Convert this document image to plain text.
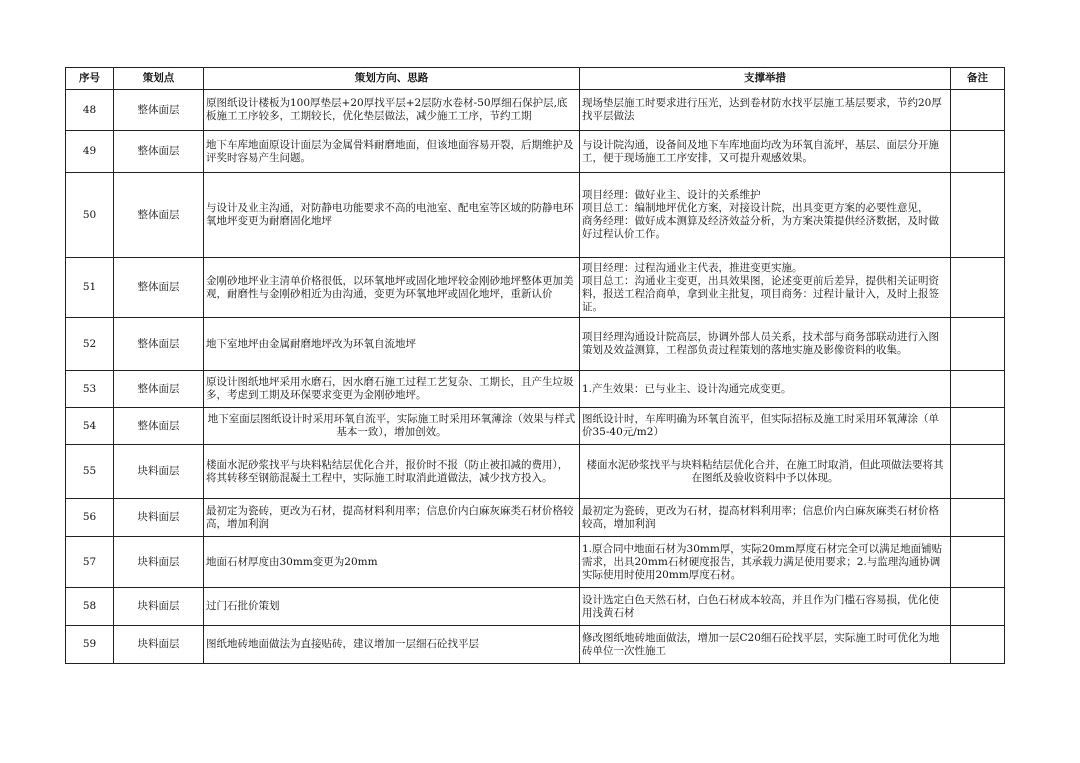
序号	策划点	策划方向、思路	支撑举措	备注
48	整体面层	原图纸设计楼板为100厚垫层+20厚找平层+2层防水卷材-50厚细石保护层,底板施工工序较多，工期较长，优化垫层做法，减少施工工序，节约工期	现场垫层施工时要求进行压光，达到卷材防水找平层施工基层要求，节约20厚找平层做法	
49	整体面层	地下车库地面原设计面层为金属骨料耐磨地面，但该地面容易开裂，后期维护及评奖时容易产生问题。	与设计院沟通，设备间及地下车库地面均改为环氧自流坪，基层、面层分开施工，便于现场施工工序安排，又可提升观感效果。	
50	整体面层	与设计及业主沟通，对防静电功能要求不高的电池室、配电室等区域的防静电环氧地坪变更为耐磨固化地坪	项目经理：做好业主、设计的关系维护
项目总工：编制地坪优化方案，对接设计院，出具变更方案的必要性意见，
商务经理：做好成本测算及经济效益分析，为方案决策提供经济数据，及时做好过程认价工作。	
51	整体面层	金刚砂地坪业主清单价格很低，以环氧地坪或固化地坪较金刚砂地坪整体更加美观，耐磨性与金刚砂相近为由沟通，变更为环氧地坪或固化地坪，重新认价	项目经理：过程沟通业主代表，推进变更实施。
项目总工：沟通业主变更，出具效果图，论述变更前后差异，提供相关证明资料，报送工程洽商单，拿到业主批复，项目商务：过程计量计入，及时上报签证。	
52	整体面层	地下室地坪由金属耐磨地坪改为环氧自流地坪	项目经理沟通设计院高层，协调外部人员关系，技术部与商务部联动进行入图策划及效益测算，工程部负责过程策划的落地实施及影像资料的收集。	
53	整体面层	原设计图纸地坪采用水磨石，因水磨石施工过程工艺复杂、工期长，且产生垃圾多，考虑到工期及环保要求变更为金刚砂地坪。	1.产生效果：已与业主、设计沟通完成变更。	
54	整体面层	地下室面层图纸设计时采用环氧自流平，实际施工时采用环氧薄涂（效果与样式基本一致），增加创效。	图纸设计时，车库明确为环氧自流平，但实际招标及施工时采用环氧薄涂（单价35-40元/m2）	
55	块料面层	楼面水泥砂浆找平与块料粘结层优化合并，报价时不报（防止被扣减的费用），将其转移至钢筋混凝土工程中，实际施工时取消此道做法，减少找方投入。	楼面水泥砂浆找平与块料粘结层优化合并，在施工时取消，但此项做法要将其在图纸及验收资料中予以体现。	
56	块料面层	最初定为瓷砖，更改为石材，提高材料利用率；信息价内白麻灰麻类石材价格较高，增加利润	最初定为瓷砖，更改为石材，提高材料利用率；信息价内白麻灰麻类石材价格较高，增加利润	
57	块料面层	地面石材厚度由30mm变更为20mm	1.原合同中地面石材为30mm厚，实际20mm厚度石材完全可以满足地面铺贴需求，出具20mm石材硬度报告，其承载力满足使用要求；2.与监理沟通协调实际使用时使用20mm厚度石材。	
58	块料面层	过门石批价策划	设计选定白色天然石材，白色石材成本较高，并且作为门槛石容易损，优化使用浅黄石材	
59	块料面层	图纸地砖地面做法为直接贴砖，建议增加一层细石砼找平层	修改图纸地砖地面做法，增加一层C20细石砼找平层，实际施工时可优化为地砖单位一次性施工	
